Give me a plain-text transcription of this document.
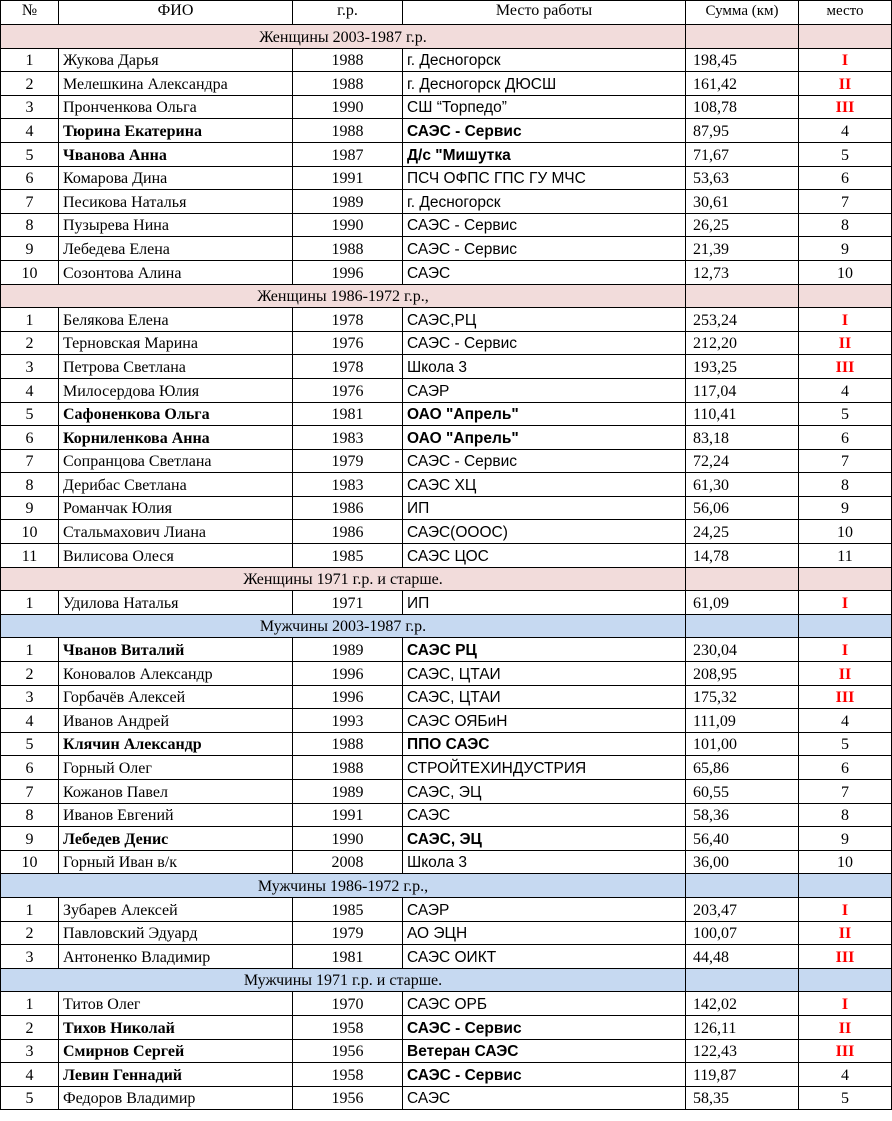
№	ФИО	г.р.	Место работы	Сумма (км)	место
Женщины 2003-1987 г.р.					
1	Жукова Дарья	1988	г. Десногорск	198,45	I
2	Мелешкина Александра	1988	г. Десногорск ДЮСШ	161,42	II
3	Пронченкова Ольга	1990	СШ “Торпедо”	108,78	III
4	Тюрина Екатерина	1988	САЭС - Сервис	87,95	4
5	Чванова Анна	1987	Д/с "Мишутка	71,67	5
6	Комарова Дина	1991	ПСЧ ОФПС ГПС ГУ МЧС	53,63	6
7	Песикова Наталья	1989	г. Десногорск	30,61	7
8	Пузырева Нина	1990	САЭС - Сервис	26,25	8
9	Лебедева Елена	1988	САЭС - Сервис	21,39	9
10	Созонтова Алина	1996	САЭС	12,73	10
Женщины 1986-1972 г.р.,					
1	Белякова Елена	1978	САЭС,РЦ	253,24	I
2	Терновская Марина	1976	САЭС - Сервис	212,20	II
3	Петрова Светлана	1978	Школа 3	193,25	III
4	Милосердова Юлия	1976	САЭР	117,04	4
5	Сафоненкова Ольга	1981	ОАО "Апрель"	110,41	5
6	Корниленкова Анна	1983	ОАО "Апрель"	83,18	6
7	Сопранцова Светлана	1979	САЭС - Сервис	72,24	7
8	Дерибас Светлана	1983	САЭС ХЦ	61,30	8
9	Романчак Юлия	1986	ИП	56,06	9
10	Стальмахович Лиана	1986	САЭС(ОООС)	24,25	10
11	Вилисова Олеся	1985	САЭС ЦОС	14,78	11
Женщины 1971 г.р. и старше.					
1	Удилова Наталья	1971	ИП	61,09	I
Мужчины 2003-1987 г.р.					
1	Чванов Виталий	1989	САЭС РЦ	230,04	I
2	Коновалов Александр	1996	САЭС, ЦТАИ	208,95	II
3	Горбачёв Алексей	1996	САЭС, ЦТАИ	175,32	III
4	Иванов Андрей	1993	САЭС ОЯБиН	111,09	4
5	Клячин Александр	1988	ППО САЭС	101,00	5
6	Горный Олег	1988	СТРОЙТЕХИНДУСТРИЯ	65,86	6
7	Кожанов Павел	1989	САЭС, ЭЦ	60,55	7
8	Иванов Евгений	1991	САЭС	58,36	8
9	Лебедев Денис	1990	САЭС, ЭЦ	56,40	9
10	Горный Иван в/к	2008	Школа 3	36,00	10
Мужчины 1986-1972 г.р.,					
1	Зубарев Алексей	1985	САЭР	203,47	I
2	Павловский Эдуард	1979	АО ЭЦН	100,07	II
3	Антоненко Владимир	1981	САЭС ОИКТ	44,48	III
Мужчины 1971 г.р. и старше.					
1	Титов Олег	1970	САЭС ОРБ	142,02	I
2	Тихов Николай	1958	САЭС - Сервис	126,11	II
3	Смирнов Сергей	1956	Ветеран САЭС	122,43	III
4	Левин Геннадий	1958	САЭС - Сервис	119,87	4
5	Федоров Владимир	1956	САЭС	58,35	5
